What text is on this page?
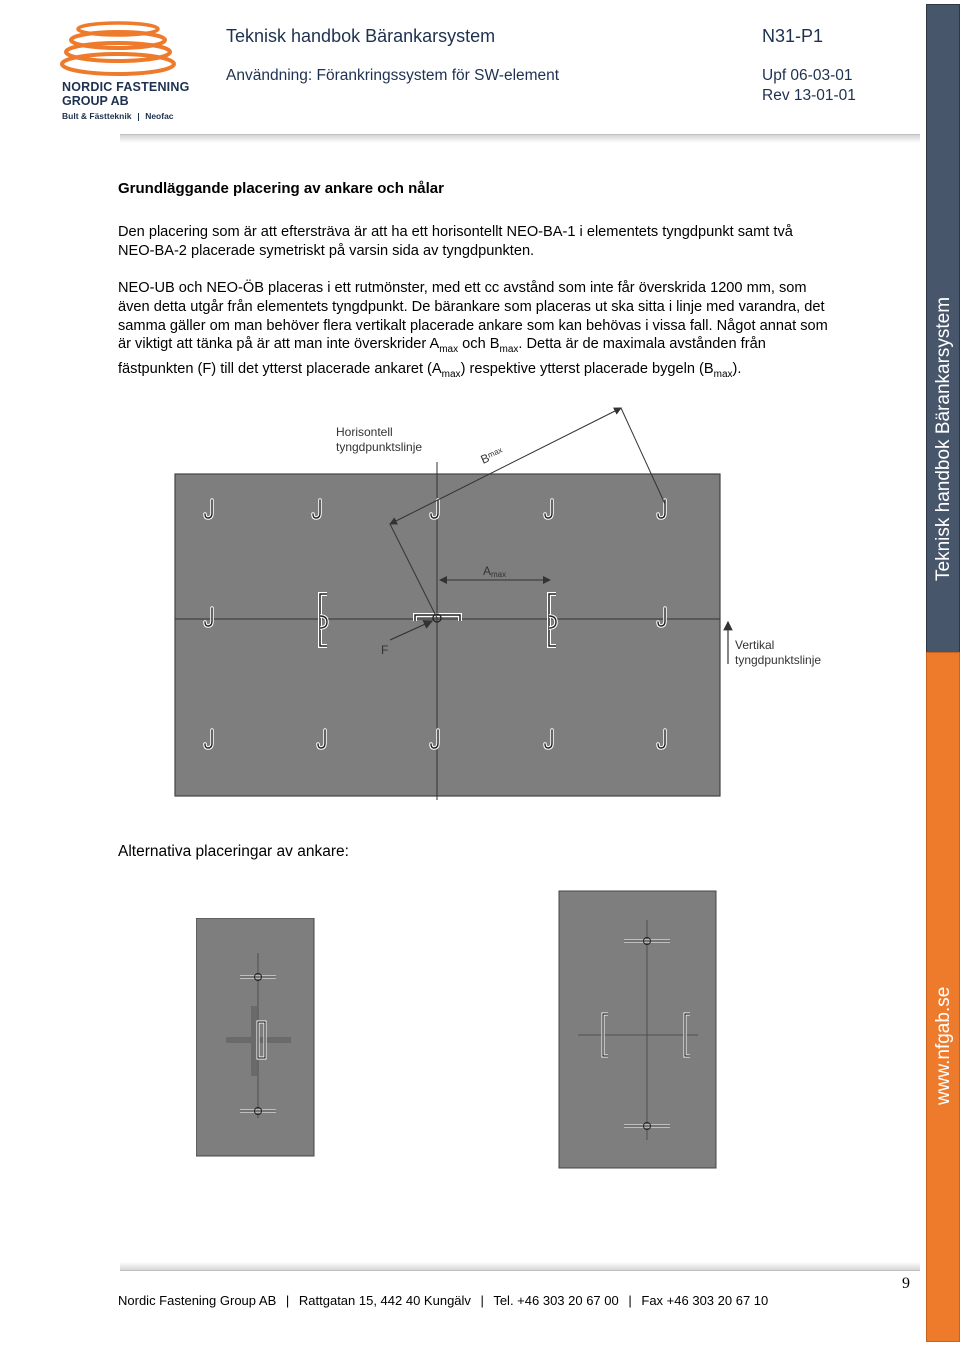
NORDIC FASTENING
GROUP AB
Bult & Fästteknik Neofac
Teknisk handbok Bärankarsystem	N31-P1
Användning: Förankringssystem för SW-element	Upf 06-03-01
Rev 13-01-01
Teknisk handbok Bärankarsystem
www.nfgab.se
Grundläggande placering av ankare och nålar

Den placering som är att eftersträva är att ha ett horisontellt NEO-BA-1 i elementets tyngdpunkt samt två NEO-BA-2 placerade symetriskt på varsin sida av tyngdpunkten.

NEO-UB och NEO-ÖB placeras i ett rutmönster, med ett cc avstånd som inte får överskrida 1200 mm, som även detta utgår från elementets tyngdpunkt. De bärankare som placeras ut ska sitta i linje med varandra, det samma gäller om man behöver flera vertikalt placerade ankare som kan behövas i vissa fall. Något annat som är viktigt att tänka på är att man inte överskrider $A_{max}$ och $B_{max}$. Detta är de maximala avstånden från fästpunkten (F) till det ytterst placerade ankaret $(A_{max})$ respektive ytterst placerade bygeln $(B_{max})$.

$B^{max}$
Amax
F
Horisontell
tyngdpunktslinje
Vertikal
tyngdpunktslinje
Alternativa placeringar av ankare:
9
Nordic Fastening Group AB | Rattgatan 15, 442 40 Kungälv | Tel. +46 303 20 67 00 | Fax +46 303 20 67 10
